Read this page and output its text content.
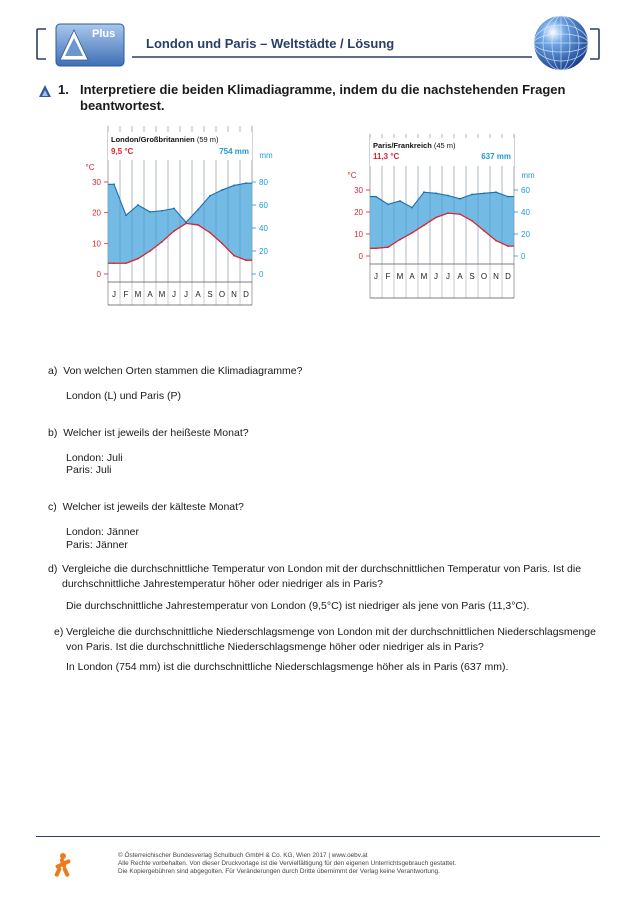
Plus
London und Paris – Weltstädte / Lösung
1. Interpretiere die beiden Klimadiagramme, indem du die nachstehenden Fragen beantwortest.
0
10
20
30
°C
0
20
40
60
80
mm
J F M A M J J A S O N D
London/Großbritannien (59 m)
9,5 °C	754 mm
0
10
20
30
°C
0
20
40
60
mm
J F M A M J J A S O N D
Paris/Frankreich (45 m)
11,3 °C	637 mm
a) Von welchen Orten stammen die Klimadiagramme?
London (L) und Paris (P)
b) Welcher ist jeweils der heißeste Monat?
London: Juli
Paris: Juli
c) Welcher ist jeweils der kälteste Monat?
London: Jänner
Paris: Jänner
d) Vergleiche die durchschnittliche Temperatur von London mit der durchschnittlichen Temperatur von Paris. Ist die durchschnittliche Jahrestemperatur höher oder niedriger als in Paris?
Die durchschnittliche Jahrestemperatur von London (9,5°C) ist niedriger als jene von Paris (11,3°C).
e) Vergleiche die durchschnittliche Niederschlagsmenge von London mit der durchschnittlichen Niederschlagsmenge von Paris. Ist die durchschnittliche Niederschlagsmenge höher oder niedriger als in Paris?
In London (754 mm) ist die durchschnittliche Niederschlagsmenge höher als in Paris (637 mm).
© Österreichischer Bundesverlag Schulbuch GmbH & Co. KG, Wien 2017 | www.oebv.at
Alle Rechte vorbehalten. Von dieser Druckvorlage ist die Vervielfältigung für den eigenen Unterrichtsgebrauch gestattet.
Die Kopiergebühren sind abgegolten. Für Veränderungen durch Dritte übernimmt der Verlag keine Verantwortung.
